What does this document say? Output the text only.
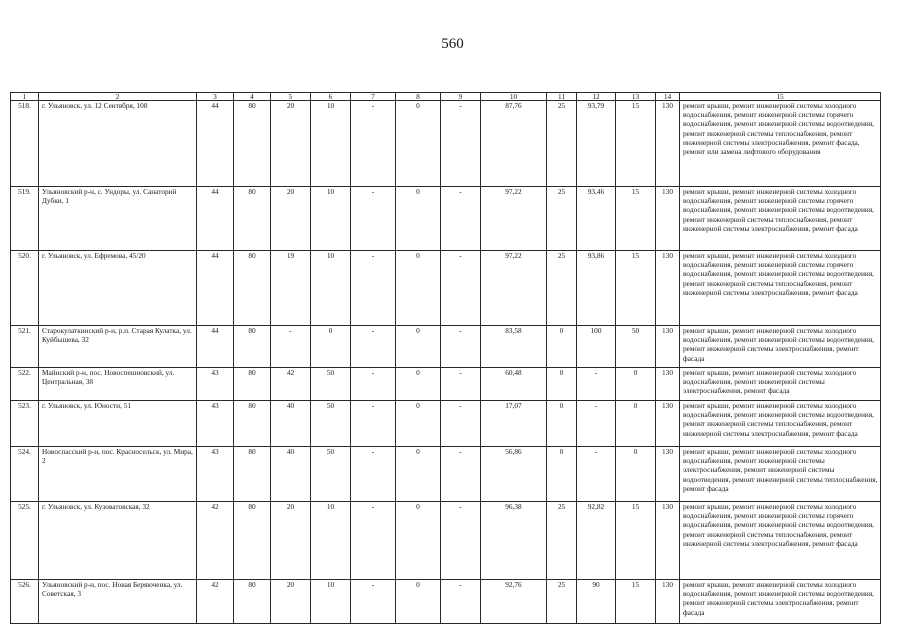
560
1	2	3	4	5	6	7	8	9	10	11	12	13	14	15
518.	г. Ульяновск, ул. 12 Сентября, 108	44	80	20	10	-	0	-	87,76	25	93,79	15	130	ремонт крыши, ремонт инженерной системы холодного водоснабжения, ремонт инженерной системы горячего водоснабжения, ремонт инженерной системы водоотведения, ремонт инженерной системы теплоснабжения, ремонт инженерной системы электроснабжения, ремонт фасада, ремонт или замена лифтового оборудования
519.	Ульяновский р-н, с. Ундоры, ул. Санаторий Дубки, 1	44	80	20	10	-	0	-	97,22	25	93,46	15	130	ремонт крыши, ремонт инженерной системы холодного водоснабжения, ремонт инженерной системы горячего водоснабжения, ремонт инженерной системы водоотведения, ремонт инженерной системы теплоснабжения, ремонт инженерной системы электроснабжения, ремонт фасада
520.	г. Ульяновск, ул. Ефремова, 45/20	44	80	19	10	-	0	-	97,22	25	93,86	15	130	ремонт крыши, ремонт инженерной системы холодного водоснабжения, ремонт инженерной системы горячего водоснабжения, ремонт инженерной системы водоотведения, ремонт инженерной системы теплоснабжения, ремонт инженерной системы электроснабжения, ремонт фасада
521.	Старокулаткинский р-н, р.п. Старая Кулатка, ул. Куйбышева, 32	44	80	-	0	-	0	-	83,58	0	100	50	130	ремонт крыши, ремонт инженерной системы холодного водоснабжения, ремонт инженерной системы водоотведения, ремонт инженерной системы электроснабжения, ремонт фасада
522.	Майнский р-н, пос. Новоспешновский, ул. Центральная, 38	43	80	42	50	-	0	-	60,48	0	-	0	130	ремонт крыши, ремонт инженерной системы холодного водоснабжения, ремонт инженерной системы электроснабжения, ремонт фасада
523.	г. Ульяновск, ул. Юности, 51	43	80	40	50	-	0	-	17,07	0	-	0	130	ремонт крыши, ремонт инженерной системы холодного водоснабжения, ремонт инженерной системы водоотведения, ремонт инженерной системы теплоснабжения, ремонт инженерной системы электроснабжения, ремонт фасада
524.	Новоспасский р-н, пос. Красносельск, ул. Мира, 2	43	80	40	50	-	0	-	56,86	0	-	0	130	ремонт крыши, ремонт инженерной системы холодного водоснабжения, ремонт инженерной системы электроснабжения, ремонт инженерной системы водоотведения, ремонт инженерной системы теплоснабжения, ремонт фасада
525.	г. Ульяновск, ул. Кузоватовская, 32	42	80	20	10	-	0	-	96,38	25	92,82	15	130	ремонт крыши, ремонт инженерной системы холодного водоснабжения, ремонт инженерной системы горячего водоснабжения, ремонт инженерной системы водоотведения, ремонт инженерной системы теплоснабжения, ремонт инженерной системы электроснабжения, ремонт фасада
526.	Ульяновский р-н, пос. Новая Беряюченка, ул. Советская, 3	42	80	20	10	-	0	-	92,76	25	90	15	130	ремонт крыши, ремонт инженерной системы холодного водоснабжения, ремонт инженерной системы водоотведения, ремонт инженерной системы электроснабжения, ремонт фасада
